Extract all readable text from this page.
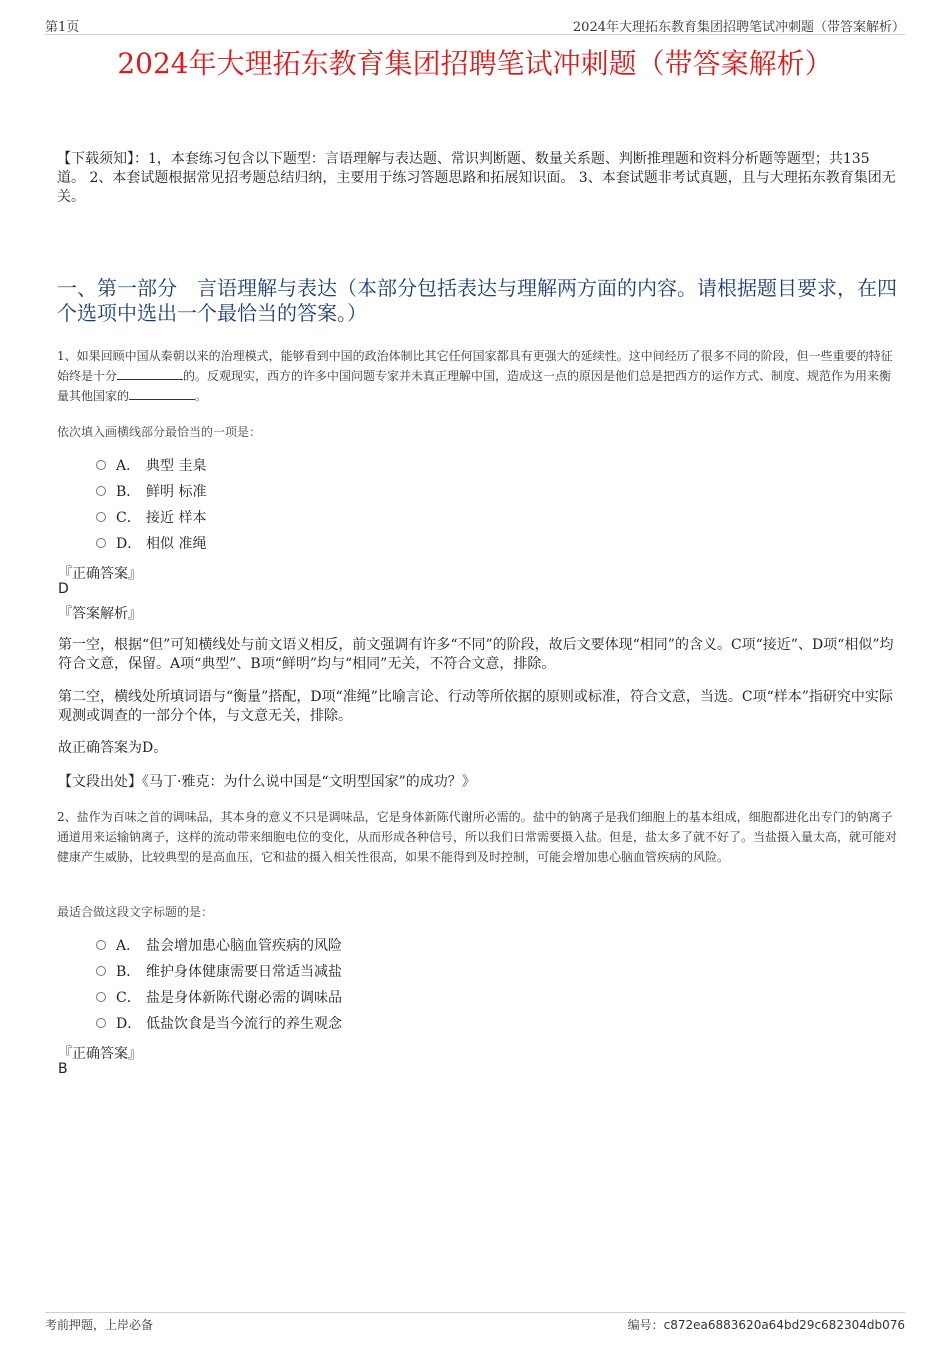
第1页	2024年大理拓东教育集团招聘笔试冲刺题（带答案解析）
2024年大理拓东教育集团招聘笔试冲刺题（带答案解析）
【下载须知】：1，本套练习包含以下题型：言语理解与表达题、常识判断题、数量关系题、判断推理题和资料分析题等题型；共135道。 2、本套试题根据常见招考题总结归纳，主要用于练习答题思路和拓展知识面。 3、本套试题非考试真题，且与大理拓东教育集团无关。
一、第一部分　言语理解与表达（本部分包括表达与理解两方面的内容。请根据题目要求，在四个选项中选出一个最恰当的答案。）
1、如果回顾中国从秦朝以来的治理模式，能够看到中国的政治体制比其它任何国家都具有更强大的延续性。这中间经历了很多不同的阶段，但一些重要的特征始终是十分	的。反观现实，西方的许多中国问题专家并未真正理解中国，造成这一点的原因是他们总是把西方的运作方式、制度、规范作为用来衡量其他国家的	。
依次填入画横线部分最恰当的一项是：
A． 典型 圭臬
B． 鲜明 标准
C． 接近 样本
D． 相似 准绳
『正确答案』
D
『答案解析』
第一空，根据“但”可知横线处与前文语义相反，前文强调有许多“不同”的阶段，故后文要体现“相同”的含义。C项“接近”、D项“相似”均符合文意，保留。A项“典型”、B项“鲜明”均与“相同”无关，不符合文意，排除。
第二空，横线处所填词语与“衡量”搭配，D项“准绳”比喻言论、行动等所依据的原则或标准，符合文意，当选。C项“样本”指研究中实际观测或调查的一部分个体，与文意无关，排除。
故正确答案为D。
【文段出处】《马丁·雅克：为什么说中国是“文明型国家”的成功？》
2、盐作为百味之首的调味品，其本身的意义不只是调味品，它是身体新陈代谢所必需的。盐中的钠离子是我们细胞上的基本组成，细胞都进化出专门的钠离子通道用来运输钠离子，这样的流动带来细胞电位的变化，从而形成各种信号，所以我们日常需要摄入盐。但是，盐太多了就不好了。当盐摄入量太高，就可能对健康产生威胁，比较典型的是高血压，它和盐的摄入相关性很高，如果不能得到及时控制，可能会增加患心脑血管疾病的风险。
最适合做这段文字标题的是：
A． 盐会增加患心脑血管疾病的风险
B． 维护身体健康需要日常适当减盐
C． 盐是身体新陈代谢必需的调味品
D． 低盐饮食是当今流行的养生观念
『正确答案』
B
考前押题，上岸必备	编号：c872ea6883620a64bd29c682304db076
